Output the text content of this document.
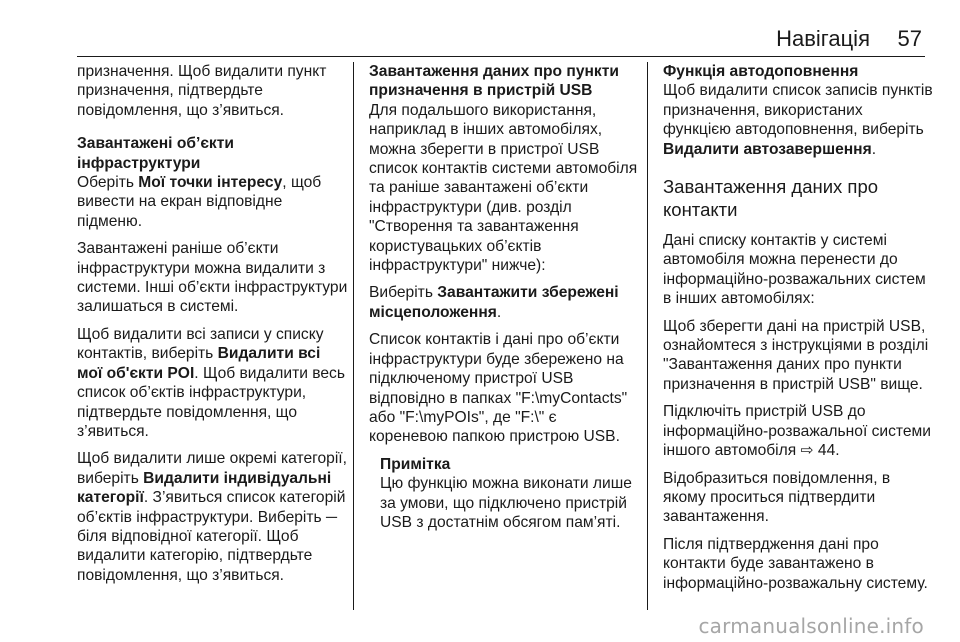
Навігація 57

призначення. Щоб видалити пункт призначення, підтвердьте повідомлення, що з’явиться.

Завантажені об’єкти інфраструктури

Оберіть Мої точки інтересу, щоб вивести на екран відповідне підменю.

Завантажені раніше об’єкти інфраструктури можна видалити з системи. Інші об’єкти інфраструктури залишаться в системі.

Щоб видалити всі записи у списку контактів, виберіть Видалити всі мої об'єкти POI. Щоб видалити весь список об’єктів інфраструктури, підтвердьте повідомлення, що з’явиться.

Щоб видалити лише окремі категорії, виберіть Видалити індивідуальні категорії. З’явиться список категорій об’єктів інфраструктури. Виберіть ─ біля відповідної категорії. Щоб видалити категорію, підтвердьте повідомлення, що з’явиться.

Завантаження даних про пункти призначення в пристрій USB

Для подальшого використання, наприклад в інших автомобілях, можна зберегти в пристрої USB список контактів системи автомобіля та раніше завантажені об’єкти інфраструктури (див. розділ "Створення та завантаження користувацьких об’єктів інфраструктури" нижче):

Виберіть Завантажити збережені місцеположення.

Список контактів і дані про об’єкти інфраструктури буде збережено на підключеному пристрої USB відповідно в папках "F:\myContacts" або "F:\myPOIs", де "F:\" є кореневою папкою пристрою USB.

Примітка

Цю функцію можна виконати лише за умови, що підключено пристрій USB з достатнім обсягом пам’яті.

Функція автодоповнення

Щоб видалити список записів пунктів призначення, використаних функцією автодоповнення, виберіть Видалити автозавершення.

Завантаження даних про контакти

Дані списку контактів у системі автомобіля можна перенести до інформаційно-розважальних систем в інших автомобілях:

Щоб зберегти дані на пристрій USB, ознайомтеся з інструкціями в розділі "Завантаження даних про пункти призначення в пристрій USB" вище.

Підключіть пристрій USB до інформаційно-розважальної системи іншого автомобіля ⇨ 44.

Відобразиться повідомлення, в якому проситься підтвердити завантаження.

Після підтвердження дані про контакти буде завантажено в інформаційно-розважальну систему.

carmanualsonline.info
